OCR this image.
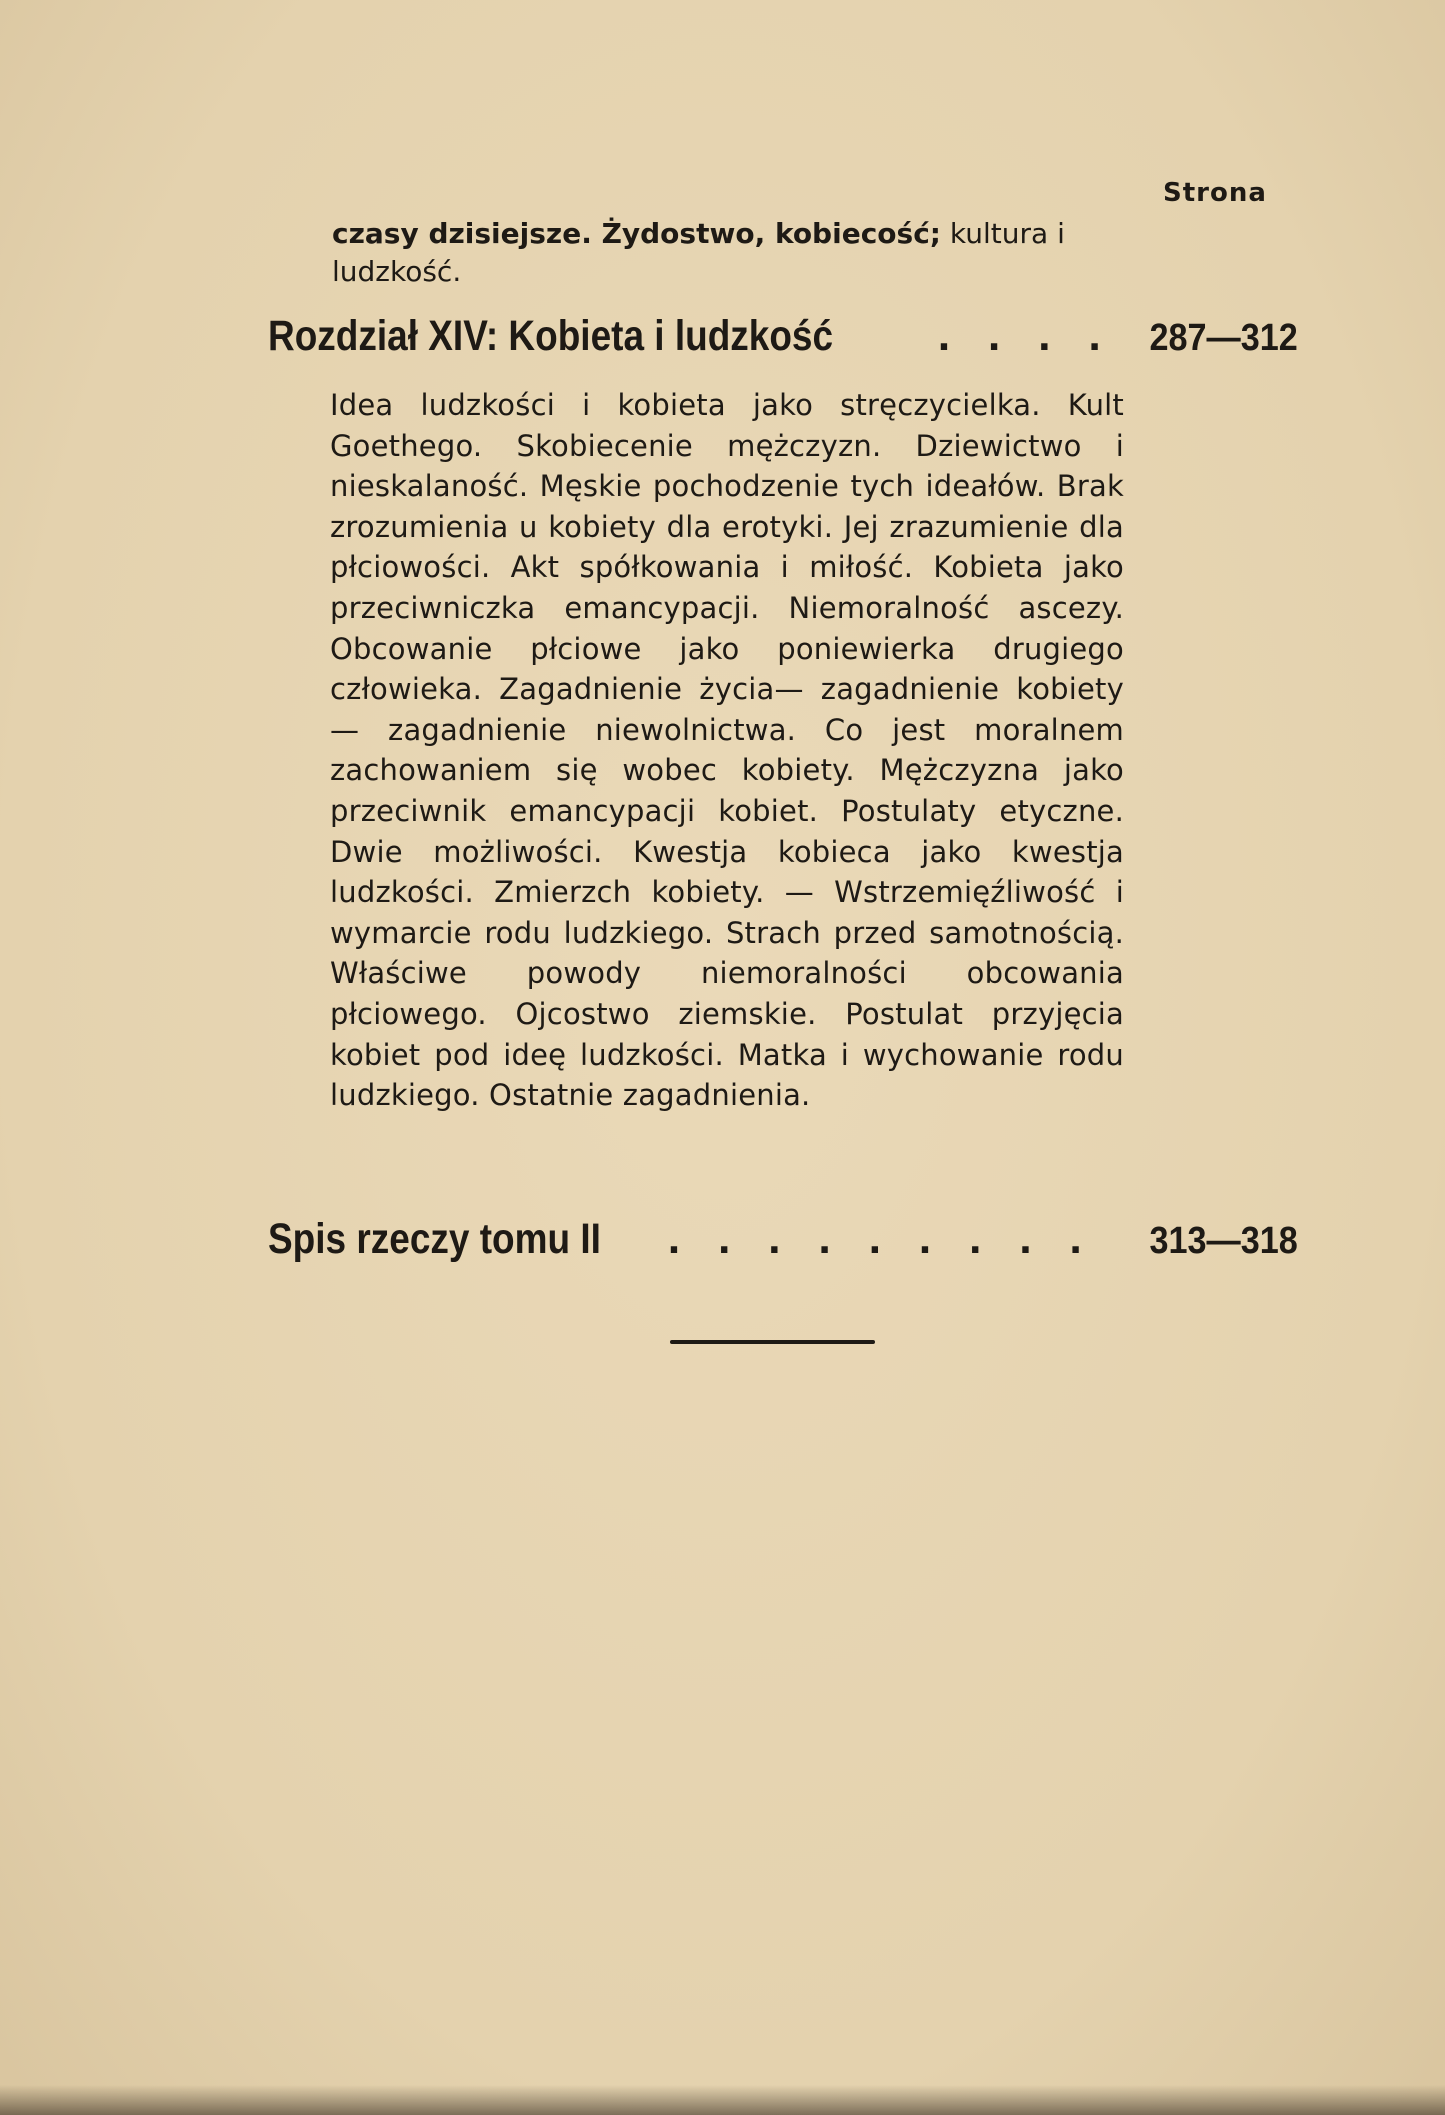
Strona
czasy dzisiejsze. Żydostwo, kobiecość; kultura i ludzkość.
Rozdział XIV: Kobieta i ludzkość	. . . . 287—312
Idea ludzkości i kobieta jako stręczycielka. Kult Goethego. Skobiecenie mężczyzn. Dziewictwo i nieskalaność. Męskie pochodzenie tych ideałów. Brak zrozumienia u kobiety dla erotyki. Jej zrazumienie dla płciowości. Akt spółkowania i miłość. Kobieta jako przeciwniczka emancypacji. Niemoralność ascezy. Obcowanie płciowe jako poniewierka drugiego człowieka. Zagadnienie życia— zagadnienie kobiety — zagadnienie niewolnictwa. Co jest moralnem zachowaniem się wobec kobiety. Mężczyzna jako przeciwnik emancypacji kobiet. Postulaty etyczne. Dwie możliwości. Kwestja kobieca jako kwestja ludzkości. Zmierzch kobiety. — Wstrzemięźliwość i wymarcie rodu ludzkiego. Strach przed samotnością. Właściwe powody niemoralności obcowania płciowego. Ojcostwo ziemskie. Postulat przyjęcia kobiet pod ideę ludzkości. Matka i wychowanie rodu ludzkiego. Ostatnie zagadnienia.
Spis rzeczy tomu II	. . . . . . . . .	313—318
